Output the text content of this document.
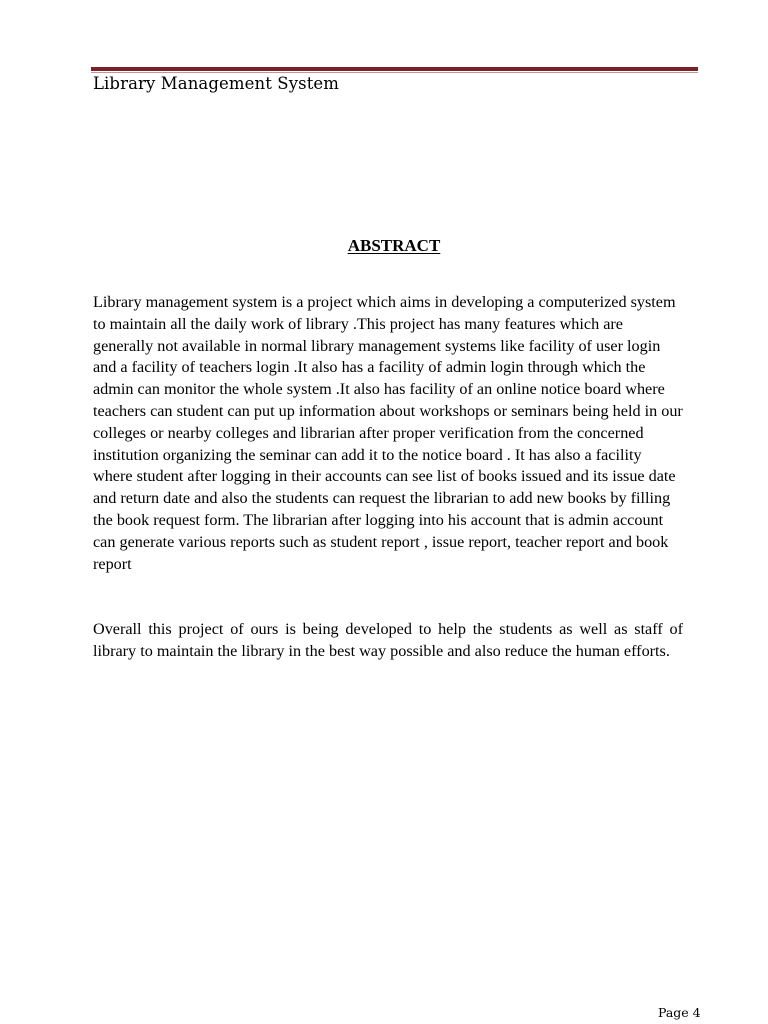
Library Management System
ABSTRACT

Library management system is a project which aims in developing a computerized system to maintain all the daily work of library .This project has many features which are generally not available in normal library management systems like facility of user login and a facility of teachers login .It also has a facility of admin login through which the admin can monitor the whole system .It also has facility of an online notice board where teachers can student can put up information about workshops or seminars being held in our colleges or nearby colleges and librarian after proper verification from the concerned institution organizing the seminar can add it to the notice board . It has also a facility where student after logging in their accounts can see list of books issued and its issue date and return date and also the students can request the librarian to add new books by filling the book request form. The librarian after logging into his account that is admin account can generate various reports such as student report , issue report, teacher report and book report

Overall this project of ours is being developed to help the students as well as staff of library to maintain the library in the best way possible and also reduce the human efforts.

Page 4
